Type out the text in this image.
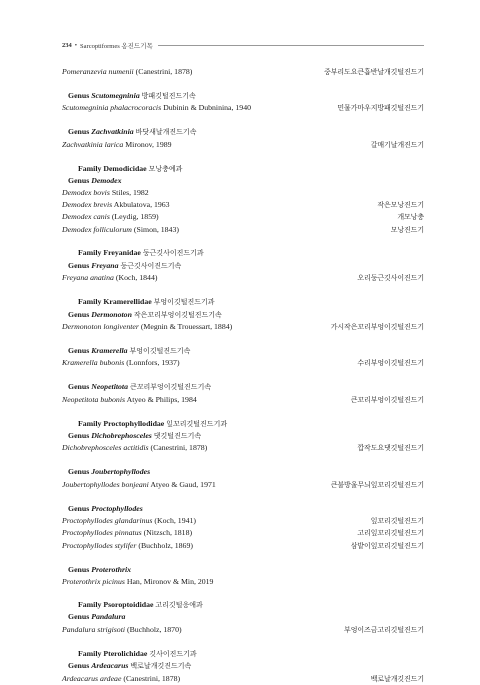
234 • Sarcoptiformes 옹진드기목
Pomeranzevia numenii (Canestrini, 1878)	중부리도요큰흡반날개깃털진드기
Genus Scutomegninia 방패깃털진드기속
Scutomegninia phalacrocoracis Dubinin & Dubninina, 1940	민물가마우지방패깃털진드기
Genus Zachvatkinia 바닷새날개진드기속
Zachvatkinia larica Mironov, 1989	갈매기날개진드기
Family Demodicidae 모낭충예과
Genus Demodex
Demodex bovis Stiles, 1982
Demodex brevis Akbulatova, 1963	작은모낭진드기
Demodex canis (Leydig, 1859)	개모낭충
Demodex folliculorum (Simon, 1843)	모낭진드기
Family Freyanidae 둥근깃사이진드기과
Genus Freyana 둥근깃사이진드기속
Freyana anatina (Koch, 1844)	오리둥근깃사이진드기
Family Kramerellidae 부엉이깃털진드기과
Genus Dermonoton 작은꼬리부엉이깃털진드기속
Dermonoton longiventer (Megnin & Trouessart, 1884)	가시작은꼬리부엉이깃털진드기
Genus Kramerella 부엉이깃털진드기속
Kramerella bubonis (Lonnfors, 1937)	수리부엉이깃털진드기
Genus Neopetitota 큰꼬리부엉이깃털진드기속
Neopetitota bubonis Atyeo & Philips, 1984	큰꼬리부엉이깃털진드기
Family Proctophyllodidae 잎꼬리깃털진드기과
Genus Dichobrephosceles 댓깃털진드기속
Dichobrephosceles actitidis (Canestrini, 1878)	깝작도요댓깃털진드기
Genus Joubertophyllodes
Joubertophyllodes bonjeani Atyeo & Gaud, 1971	큰불방울무늬잎꼬리깃털진드기
Genus Proctophyllodes
Proctophyllodes glandarinus (Koch, 1941)	잎꼬리깃털진드기
Proctophyllodes pinnatus (Nitzsch, 1818)	고리잎꼬리깃털진드기
Proctophyllodes stylifer (Buchholz, 1869)	삼밭이잎꼬리깃털진드기
Genus Proterothrix
Proterothrix picinus Han, Mironov & Min, 2019
Family Psoroptoididae 고리깃털응애과
Genus Pandalura
Pandalura strigisoti (Buchholz, 1870)	부엉이즈금고리깃털진드기
Family Pterolichidae 깃사이진드기과
Genus Ardeacarus 백로날개깃진드기속
Ardeacarus ardeae (Canestrini, 1878)	백로날개깃진드기
